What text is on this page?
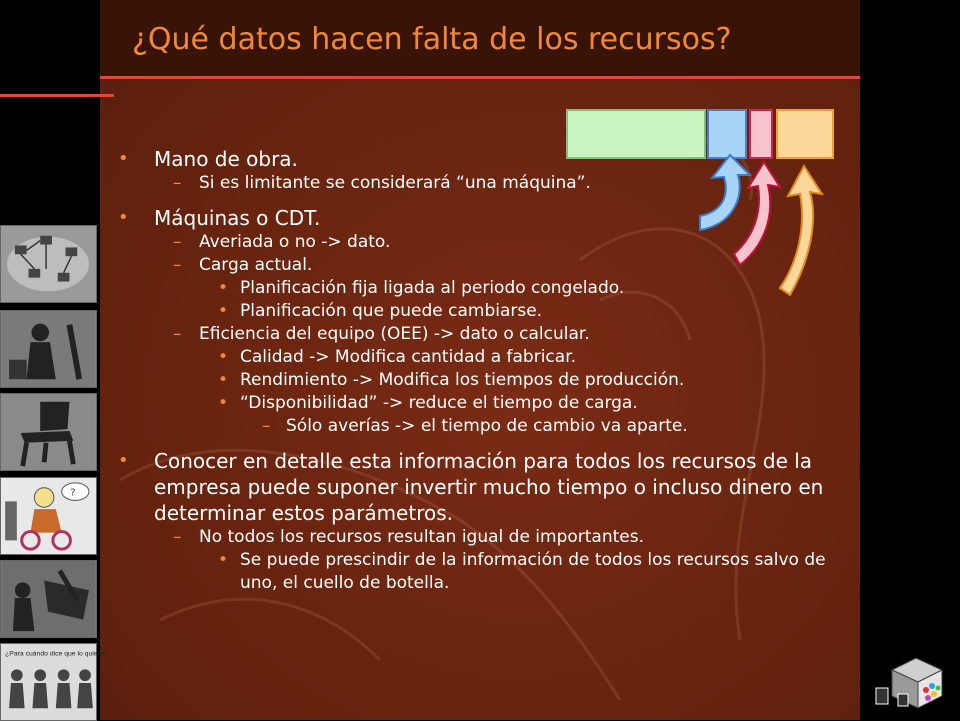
¿Qué datos hacen falta de los recursos?
?
¿Para cuándo dice que lo quiere?
• Mano de obra.
– Si es limitante se considerará “una máquina”.
• Máquinas o CDT.
– Averiada o no -> dato.
– Carga actual.
• Planificación fija ligada al periodo congelado.
• Planificación que puede cambiarse.
– Eficiencia del equipo (OEE) -> dato o calcular.
• Calidad -> Modifica cantidad a fabricar.
• Rendimiento -> Modifica los tiempos de producción.
• “Disponibilidad” -> reduce el tiempo de carga.
– Sólo averías -> el tiempo de cambio va aparte.
• Conocer en detalle esta información para todos los recursos de la empresa puede suponer invertir mucho tiempo o incluso dinero en determinar estos parámetros.
– No todos los recursos resultan igual de importantes.
• Se puede prescindir de la información de todos los recursos salvo de uno, el cuello de botella.
